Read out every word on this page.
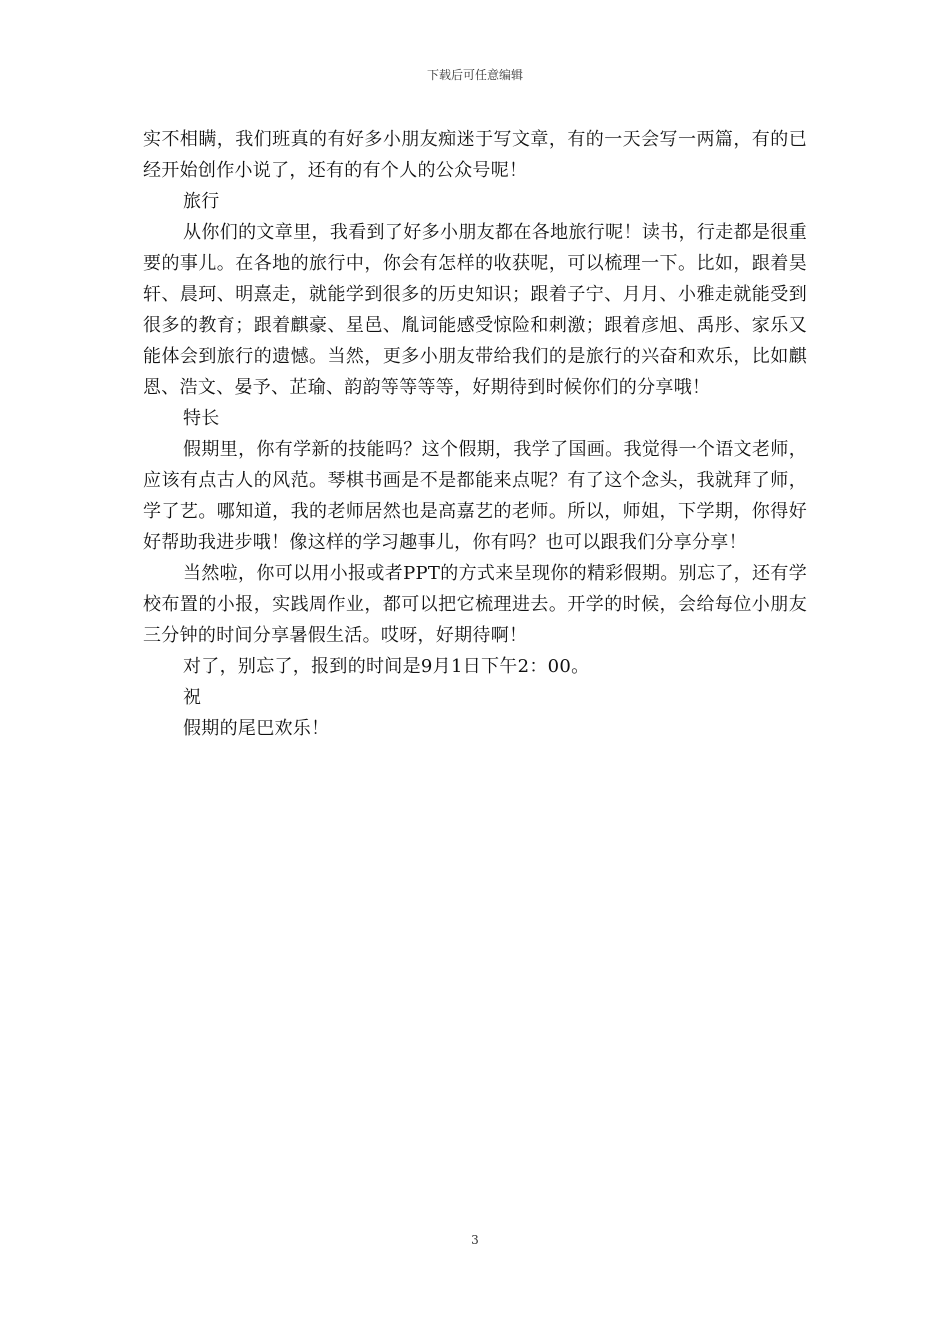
下载后可任意编辑

实不相瞒，我们班真的有好多小朋友痴迷于写文章，有的一天会写一两篇，有的已经开始创作小说了，还有的有个人的公众号呢！

旅行

从你们的文章里，我看到了好多小朋友都在各地旅行呢！读书，行走都是很重要的事儿。在各地的旅行中，你会有怎样的收获呢，可以梳理一下。比如，跟着昊轩、晨珂、明熹走，就能学到很多的历史知识；跟着子宁、月月、小雅走就能受到很多的教育；跟着麒豪、星邑、胤词能感受惊险和刺激；跟着彦旭、禹彤、家乐又能体会到旅行的遗憾。当然，更多小朋友带给我们的是旅行的兴奋和欢乐，比如麒恩、浩文、晏予、芷瑜、韵韵等等等等，好期待到时候你们的分享哦！

特长

假期里，你有学新的技能吗？这个假期，我学了国画。我觉得一个语文老师，应该有点古人的风范。琴棋书画是不是都能来点呢？有了这个念头，我就拜了师，学了艺。哪知道，我的老师居然也是高嘉艺的老师。所以，师姐，下学期，你得好好帮助我进步哦！像这样的学习趣事儿，你有吗？也可以跟我们分享分享！

当然啦，你可以用小报或者PPT的方式来呈现你的精彩假期。别忘了，还有学校布置的小报，实践周作业，都可以把它梳理进去。开学的时候，会给每位小朋友三分钟的时间分享暑假生活。哎呀，好期待啊！

对了，别忘了，报到的时间是9月1日下午2：00。

祝

假期的尾巴欢乐！

3
